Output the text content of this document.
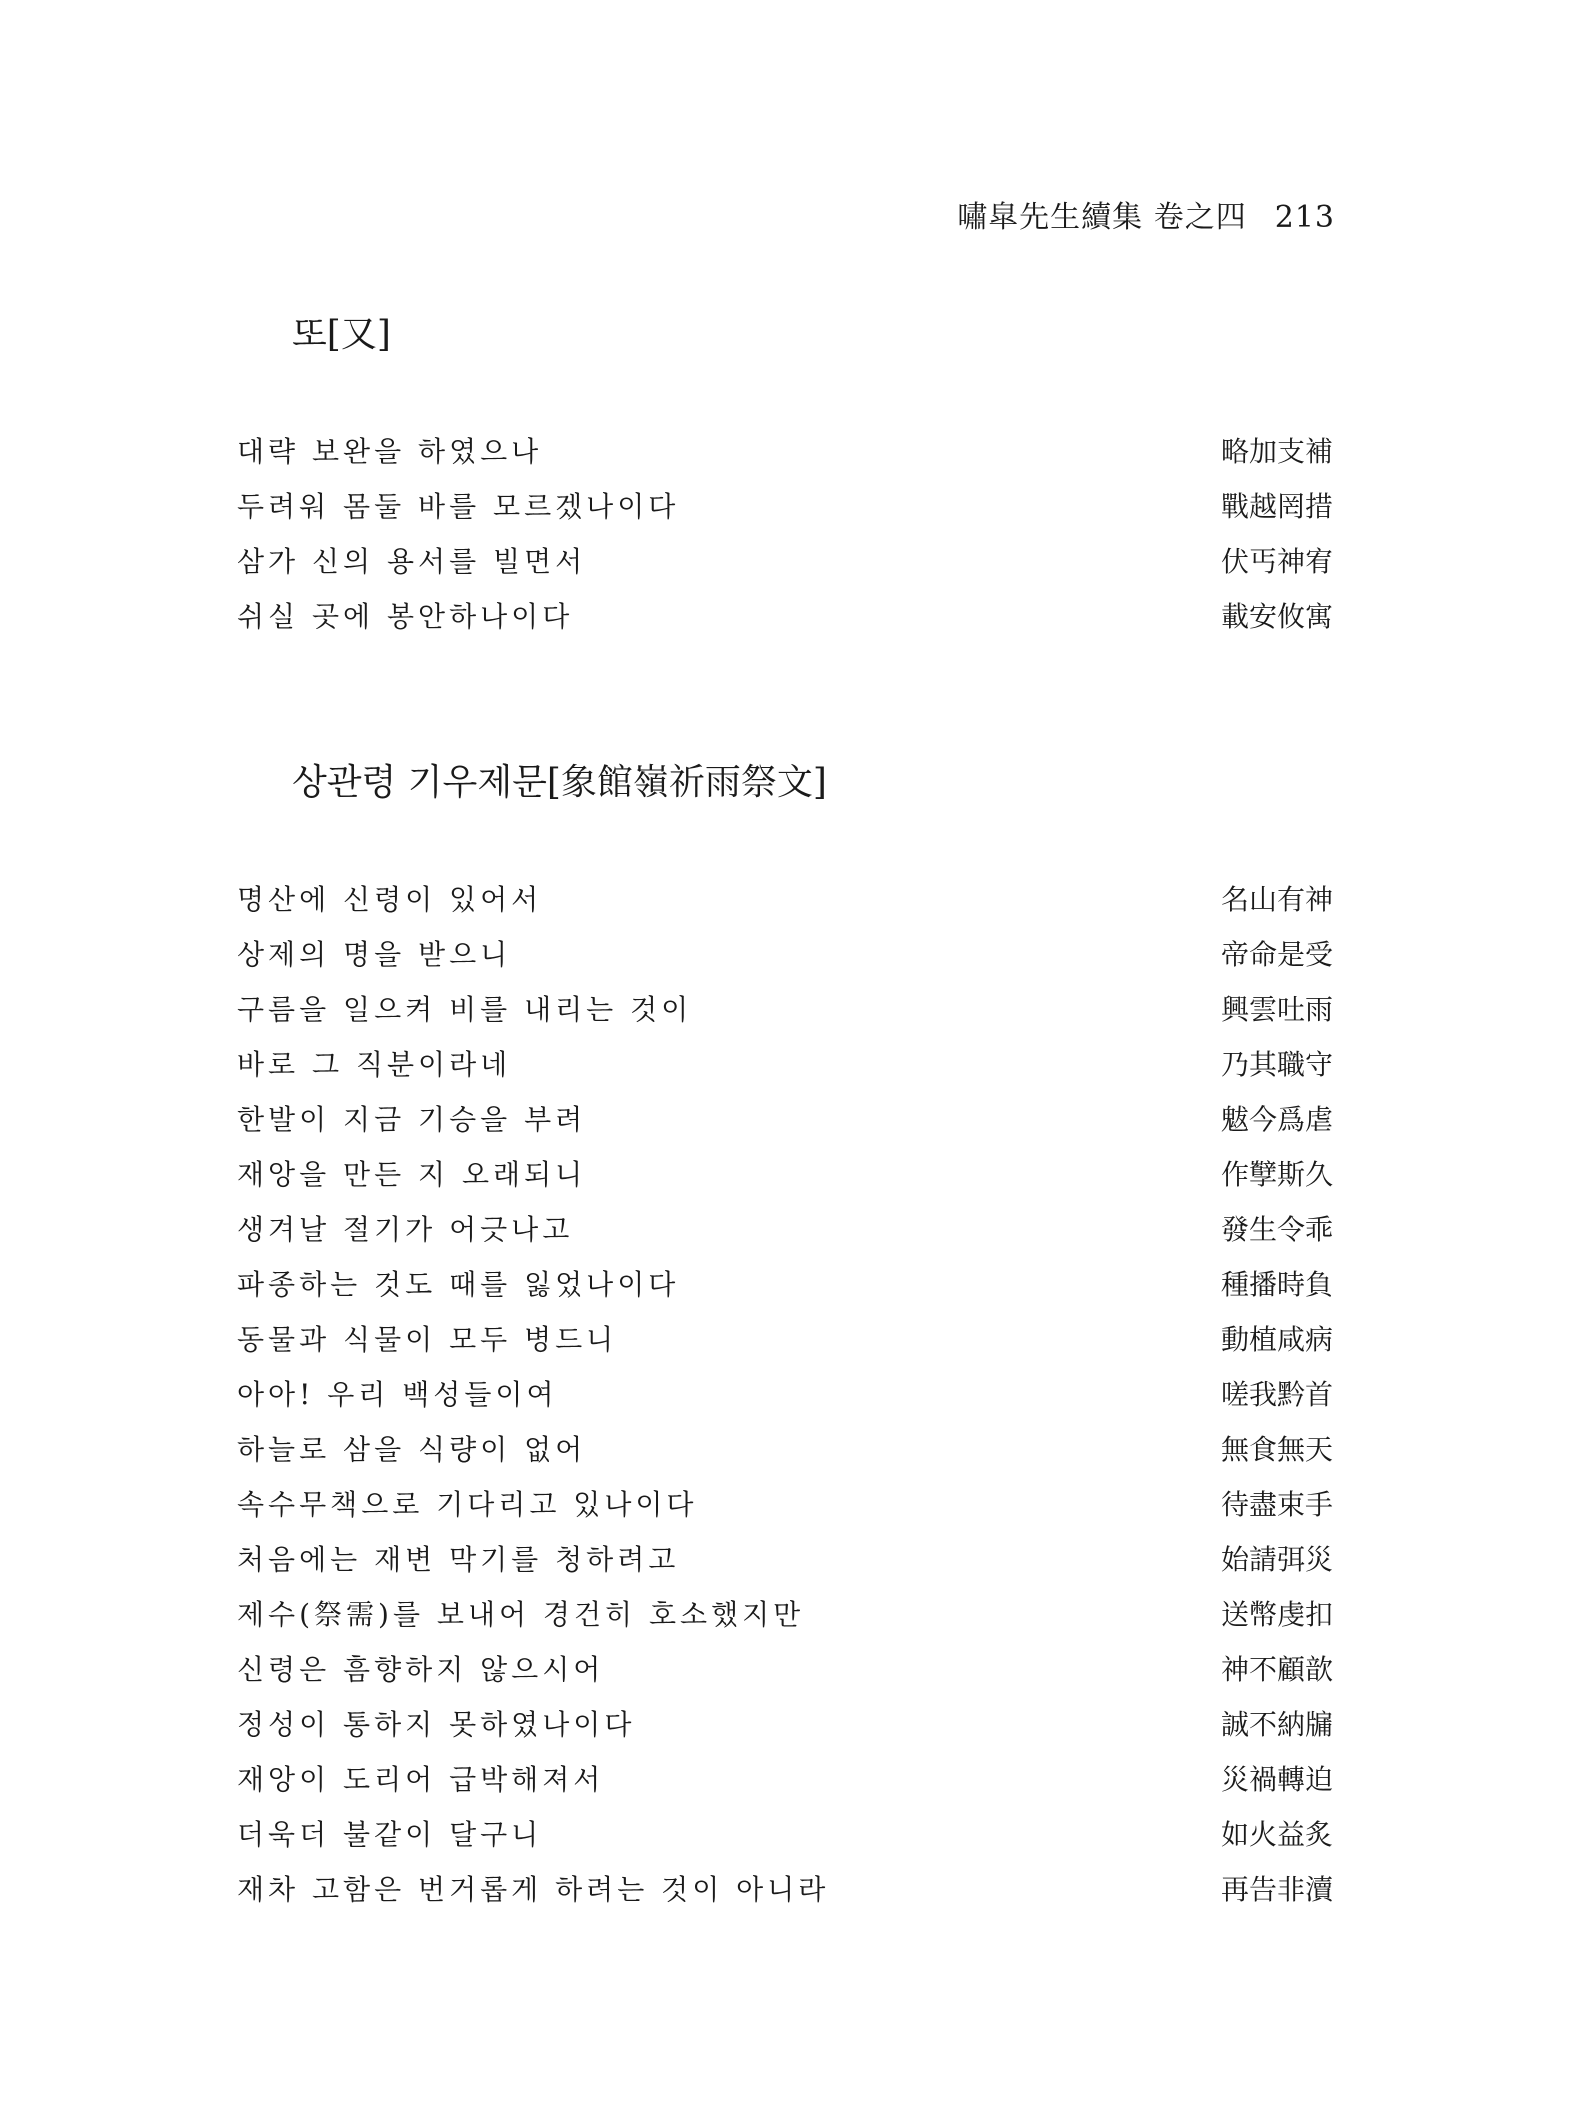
嘯皐先生續集 卷之四 213
또[又]
대략 보완을 하였으나	略加支補
두려워 몸둘 바를 모르겠나이다	戰越罔措
삼가 신의 용서를 빌면서	伏丐神宥
쉬실 곳에 봉안하나이다	載安攸寓
상관령 기우제문[象館嶺祈雨祭文]
명산에 신령이 있어서	名山有神
상제의 명을 받으니	帝命是受
구름을 일으켜 비를 내리는 것이	興雲吐雨
바로 그 직분이라네	乃其職守
한발이 지금 기승을 부려	魃今爲虐
재앙을 만든 지 오래되니	作孼斯久
생겨날 절기가 어긋나고	發生令乖
파종하는 것도 때를 잃었나이다	種播時負
동물과 식물이 모두 병드니	動植咸病
아아! 우리 백성들이여	嗟我黔首
하늘로 삼을 식량이 없어	無食無天
속수무책으로 기다리고 있나이다	待盡束手
처음에는 재변 막기를 청하려고	始請弭災
제수(祭需)를 보내어 경건히 호소했지만	送幣虔扣
신령은 흠향하지 않으시어	神不顧歆
정성이 통하지 못하였나이다	誠不納牖
재앙이 도리어 급박해져서	災禍轉迫
더욱더 불같이 달구니	如火益炙
재차 고함은 번거롭게 하려는 것이 아니라	再告非瀆
